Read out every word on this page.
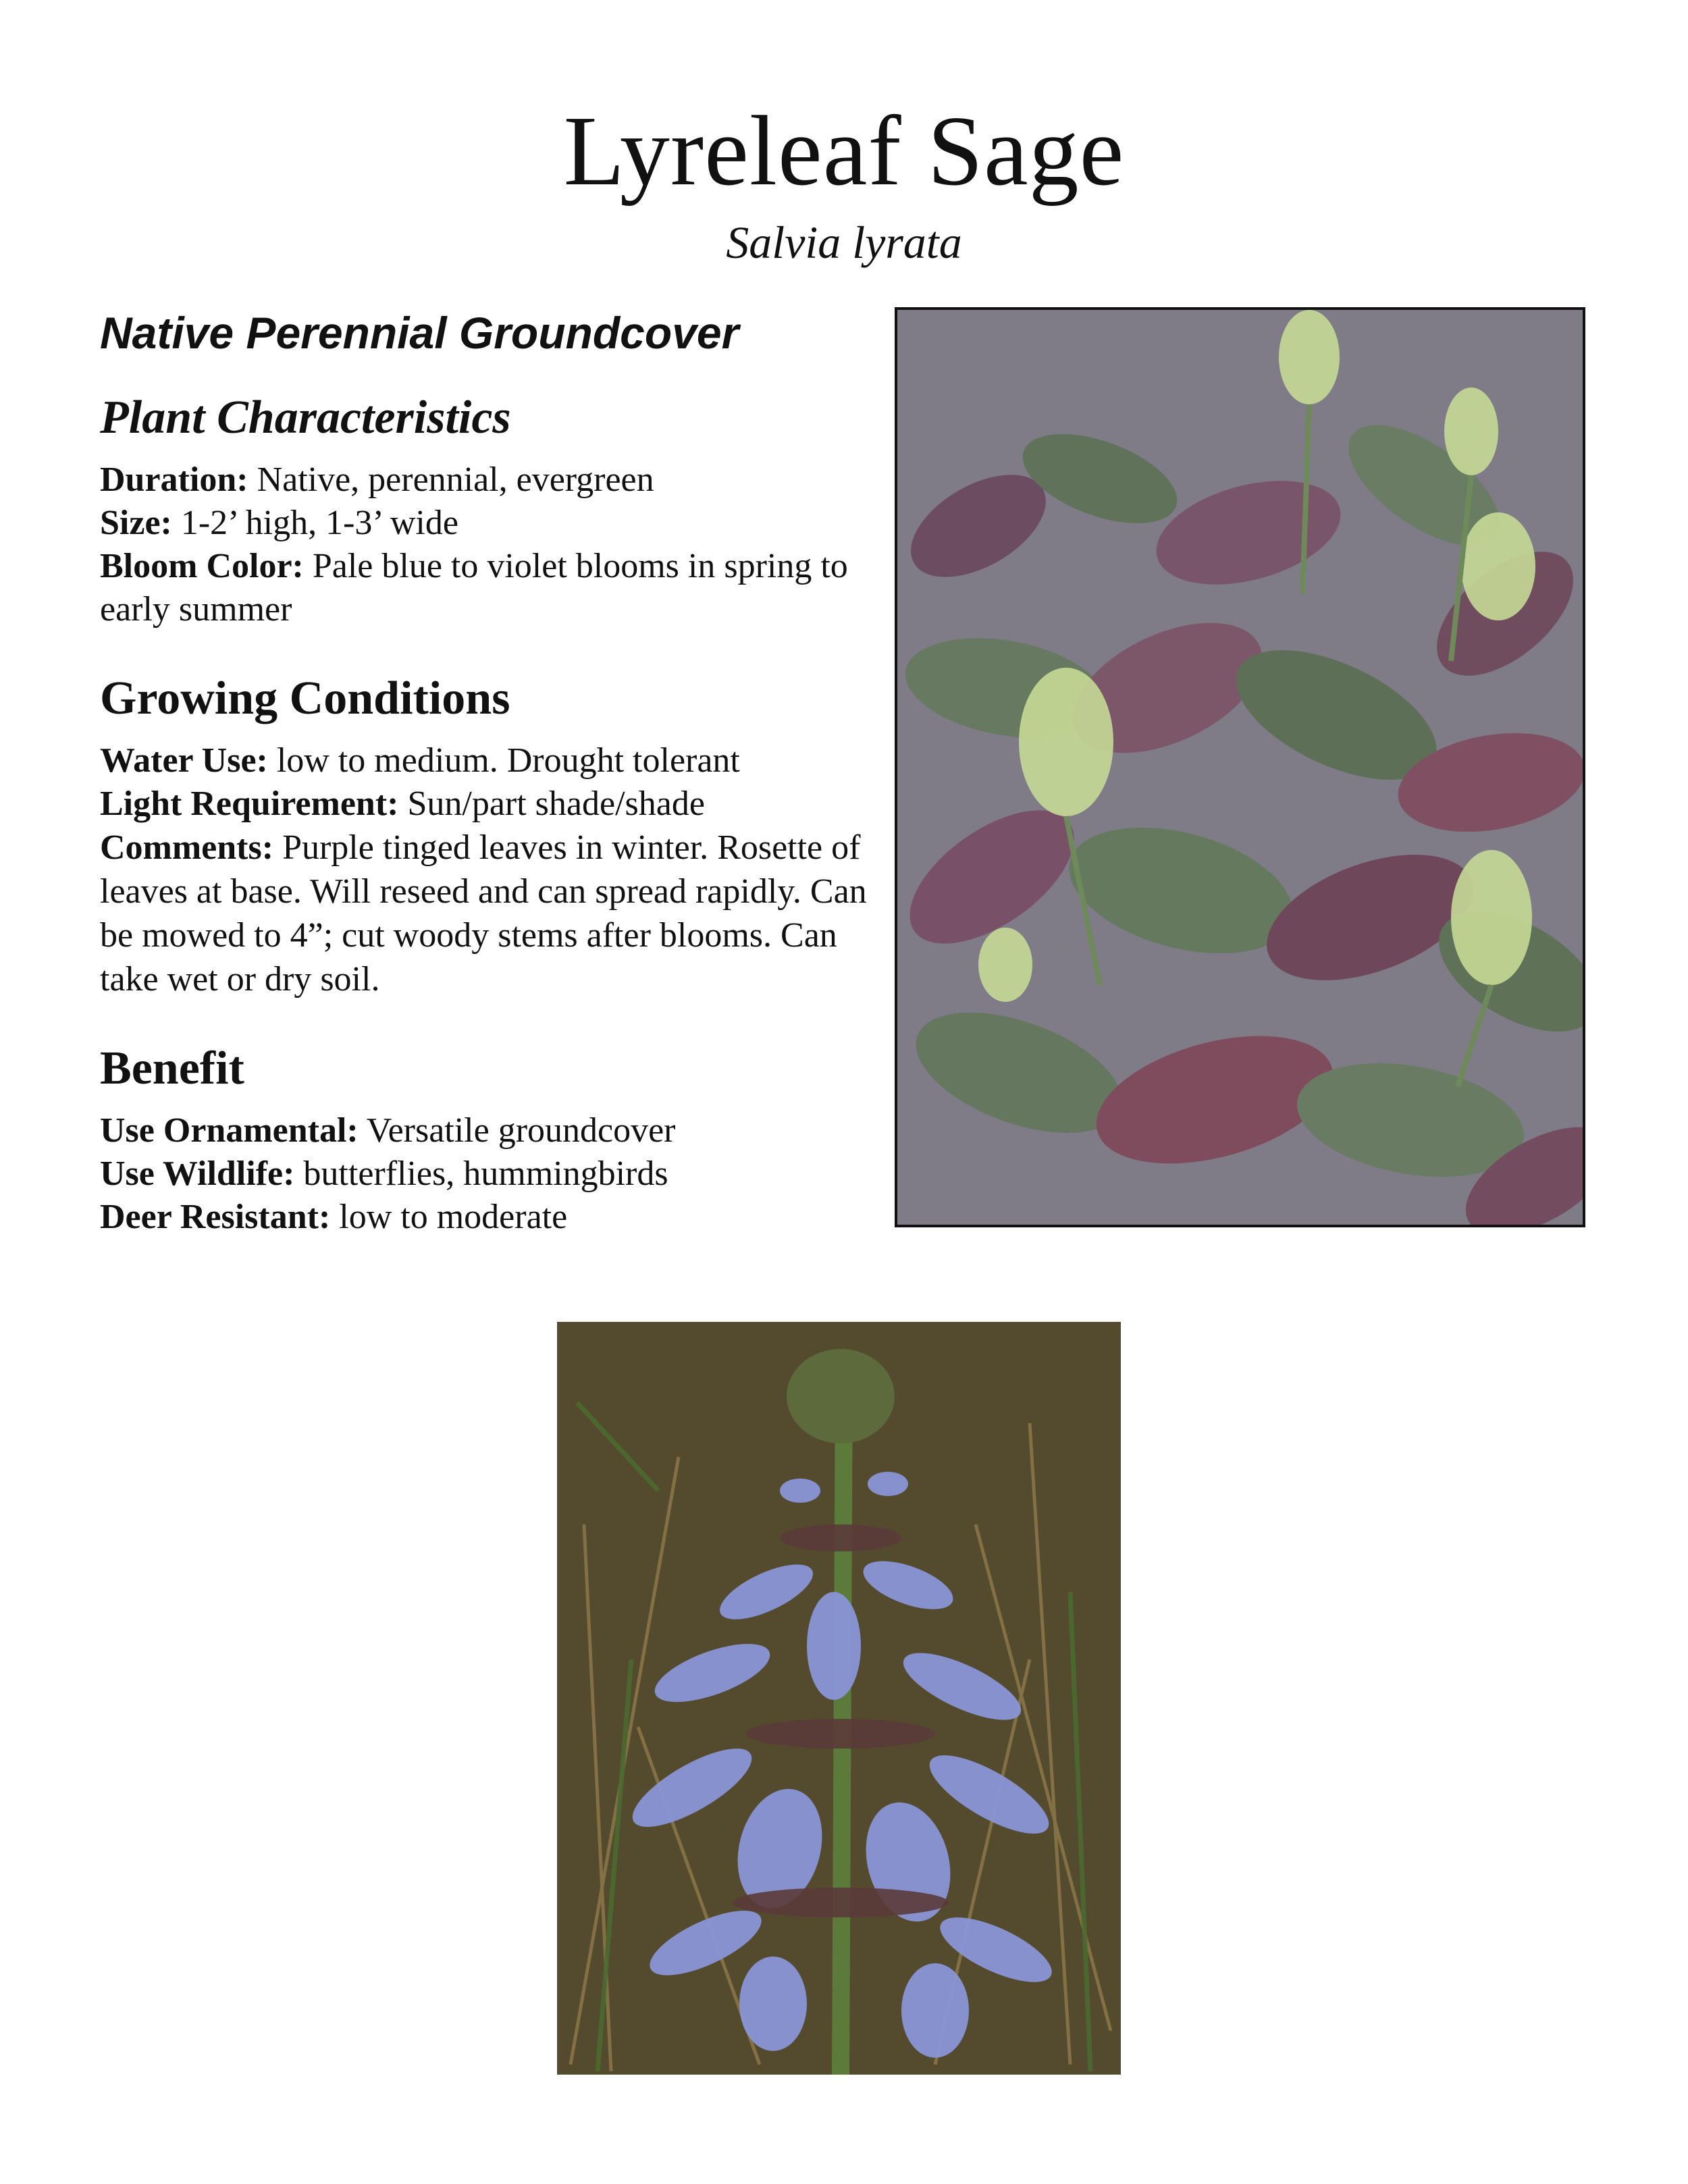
Lyreleaf Sage
Salvia lyrata
Native Perennial Groundcover
Plant Characteristics

Duration: Native, perennial, evergreen

Size: 1-2’ high, 1-3’ wide

Bloom Color: Pale blue to violet blooms in spring to early summer

Growing Conditions

Water Use: low to medium. Drought tolerant

Light Requirement: Sun/part shade/shade

Comments: Purple tinged leaves in winter. Rosette of leaves at base. Will reseed and can spread rapidly. Can be mowed to 4”; cut woody stems after blooms. Can take wet or dry soil.

Benefit

Use Ornamental: Versatile groundcover

Use Wildlife: butterflies, hummingbirds

Deer Resistant: low to moderate
